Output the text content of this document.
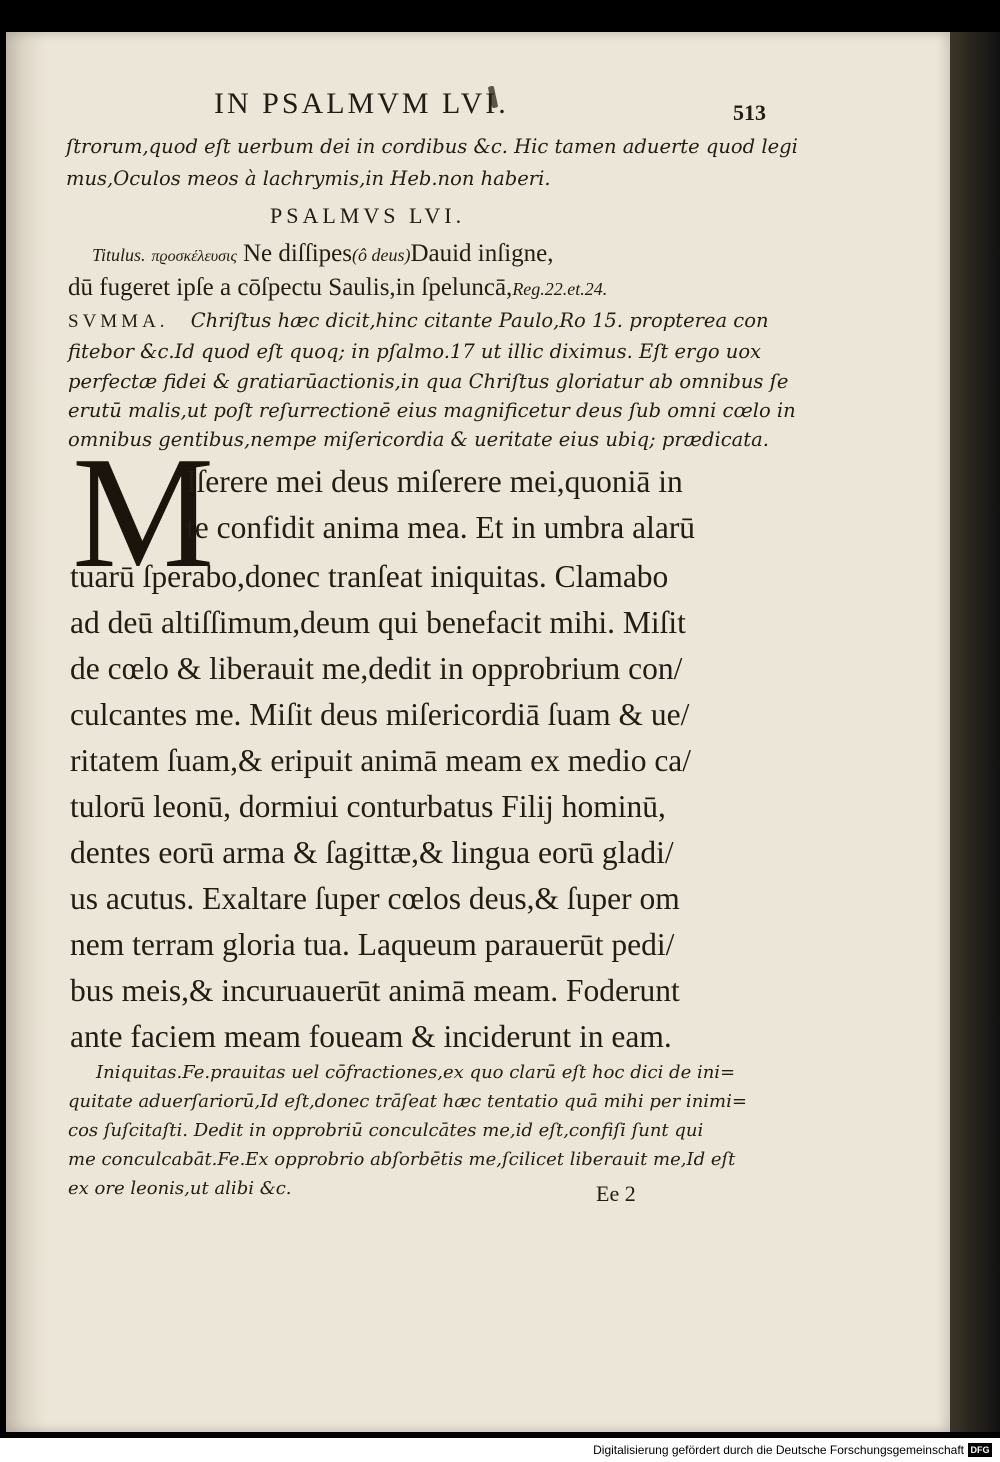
IN PSALMVM LVI.	513
ſtrorum,quod eſt uerbum dei in cordibus &c. Hic tamen aduerte quod legi
mus,Oculos meos à lachrymis,in Heb.non haberi.
PSALMVS LVI.
Titulus. πϱοσκέλευσις Ne diſſipes(ô deus)Dauid inſigne,
dū fugeret ipſe a cōſpectu Saulis,in ſpeluncā,Reg.22.et.24.
SVMMA. Chriſtus hæc dicit,hinc citante Paulo,Ro 15. propterea con
fitebor &c.Id quod eſt quoq; in pſalmo.17 ut illic diximus. Eſt ergo uox
perfectæ fidei & gratiarūactionis,in qua Chriſtus gloriatur ab omnibus ſe
erutū malis,ut poſt reſurrectionē eius magnificetur deus ſub omni cœlo in
omnibus gentibus,nempe miſericordia & ueritate eius ubiq; prædicata.
M
Iſerere mei deus miſerere mei,quoniā in
te confidit anima mea. Et in umbra alarū
tuarū ſperabo,donec tranſeat iniquitas. Clamabo
ad deū altiſſimum,deum qui benefacit mihi. Miſit
de cœlo & liberauit me,dedit in opprobrium con/
culcantes me. Miſit deus miſericordiā ſuam & ue/
ritatem ſuam,& eripuit animā meam ex medio ca/
tulorū leonū, dormiui conturbatus Filij hominū,
dentes eorū arma & ſagittæ,& lingua eorū gladi/
us acutus. Exaltare ſuper cœlos deus,& ſuper om
nem terram gloria tua. Laqueum parauerūt pedi/
bus meis,& incuruauerūt animā meam. Foderunt
ante faciem meam foueam & inciderunt in eam.
Iniquitas.Fe.prauitas uel cōfractiones,ex quo clarū eſt hoc dici de ini=
quitate aduerſariorū,Id eſt,donec trāſeat hæc tentatio quā mihi per inimi=
cos ſuſcitaſti. Dedit in opprobriū conculcātes me,id eſt,confiſi ſunt qui
me conculcabāt.Fe.Ex opprobrio abſorbētis me,ſcilicet liberauit me,Id eſt
ex ore leonis,ut alibi &c.	Ee 2
Digitalisierung gefördert durch die Deutsche Forschungsgemeinschaft DFG
